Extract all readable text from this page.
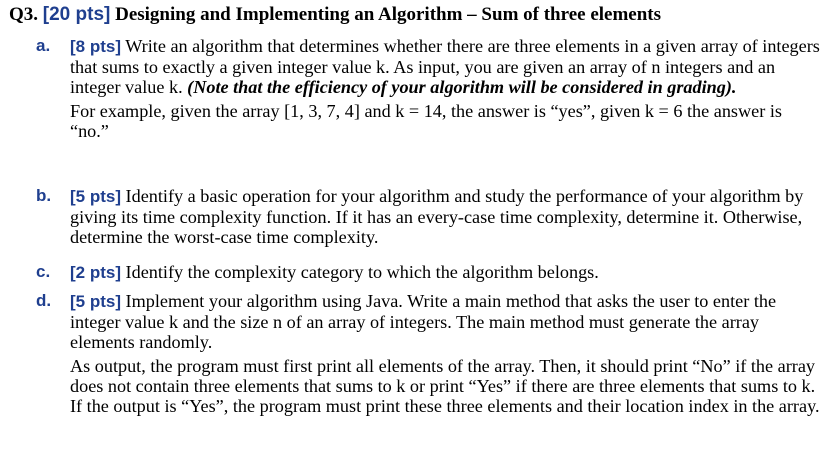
Q3. [20 pts] Designing and Implementing an Algorithm – Sum of three elements
a. [8 pts] Write an algorithm that determines whether there are three elements in a given array of integers that sums to exactly a given integer value k. As input, you are given an array of n integers and an integer value k. (Note that the efficiency of your algorithm will be considered in grading).
For example, given the array [1, 3, 7, 4] and k = 14, the answer is “yes”, given k = 6 the answer is “no.”
b. [5 pts] Identify a basic operation for your algorithm and study the performance of your algorithm by giving its time complexity function. If it has an every-case time complexity, determine it. Otherwise, determine the worst-case time complexity.
c. [2 pts] Identify the complexity category to which the algorithm belongs.
d. [5 pts] Implement your algorithm using Java. Write a main method that asks the user to enter the integer value k and the size n of an array of integers. The main method must generate the array elements randomly.
As output, the program must first print all elements of the array. Then, it should print “No” if the array does not contain three elements that sums to k or print “Yes” if there are three elements that sums to k. If the output is “Yes”, the program must print these three elements and their location index in the array.
